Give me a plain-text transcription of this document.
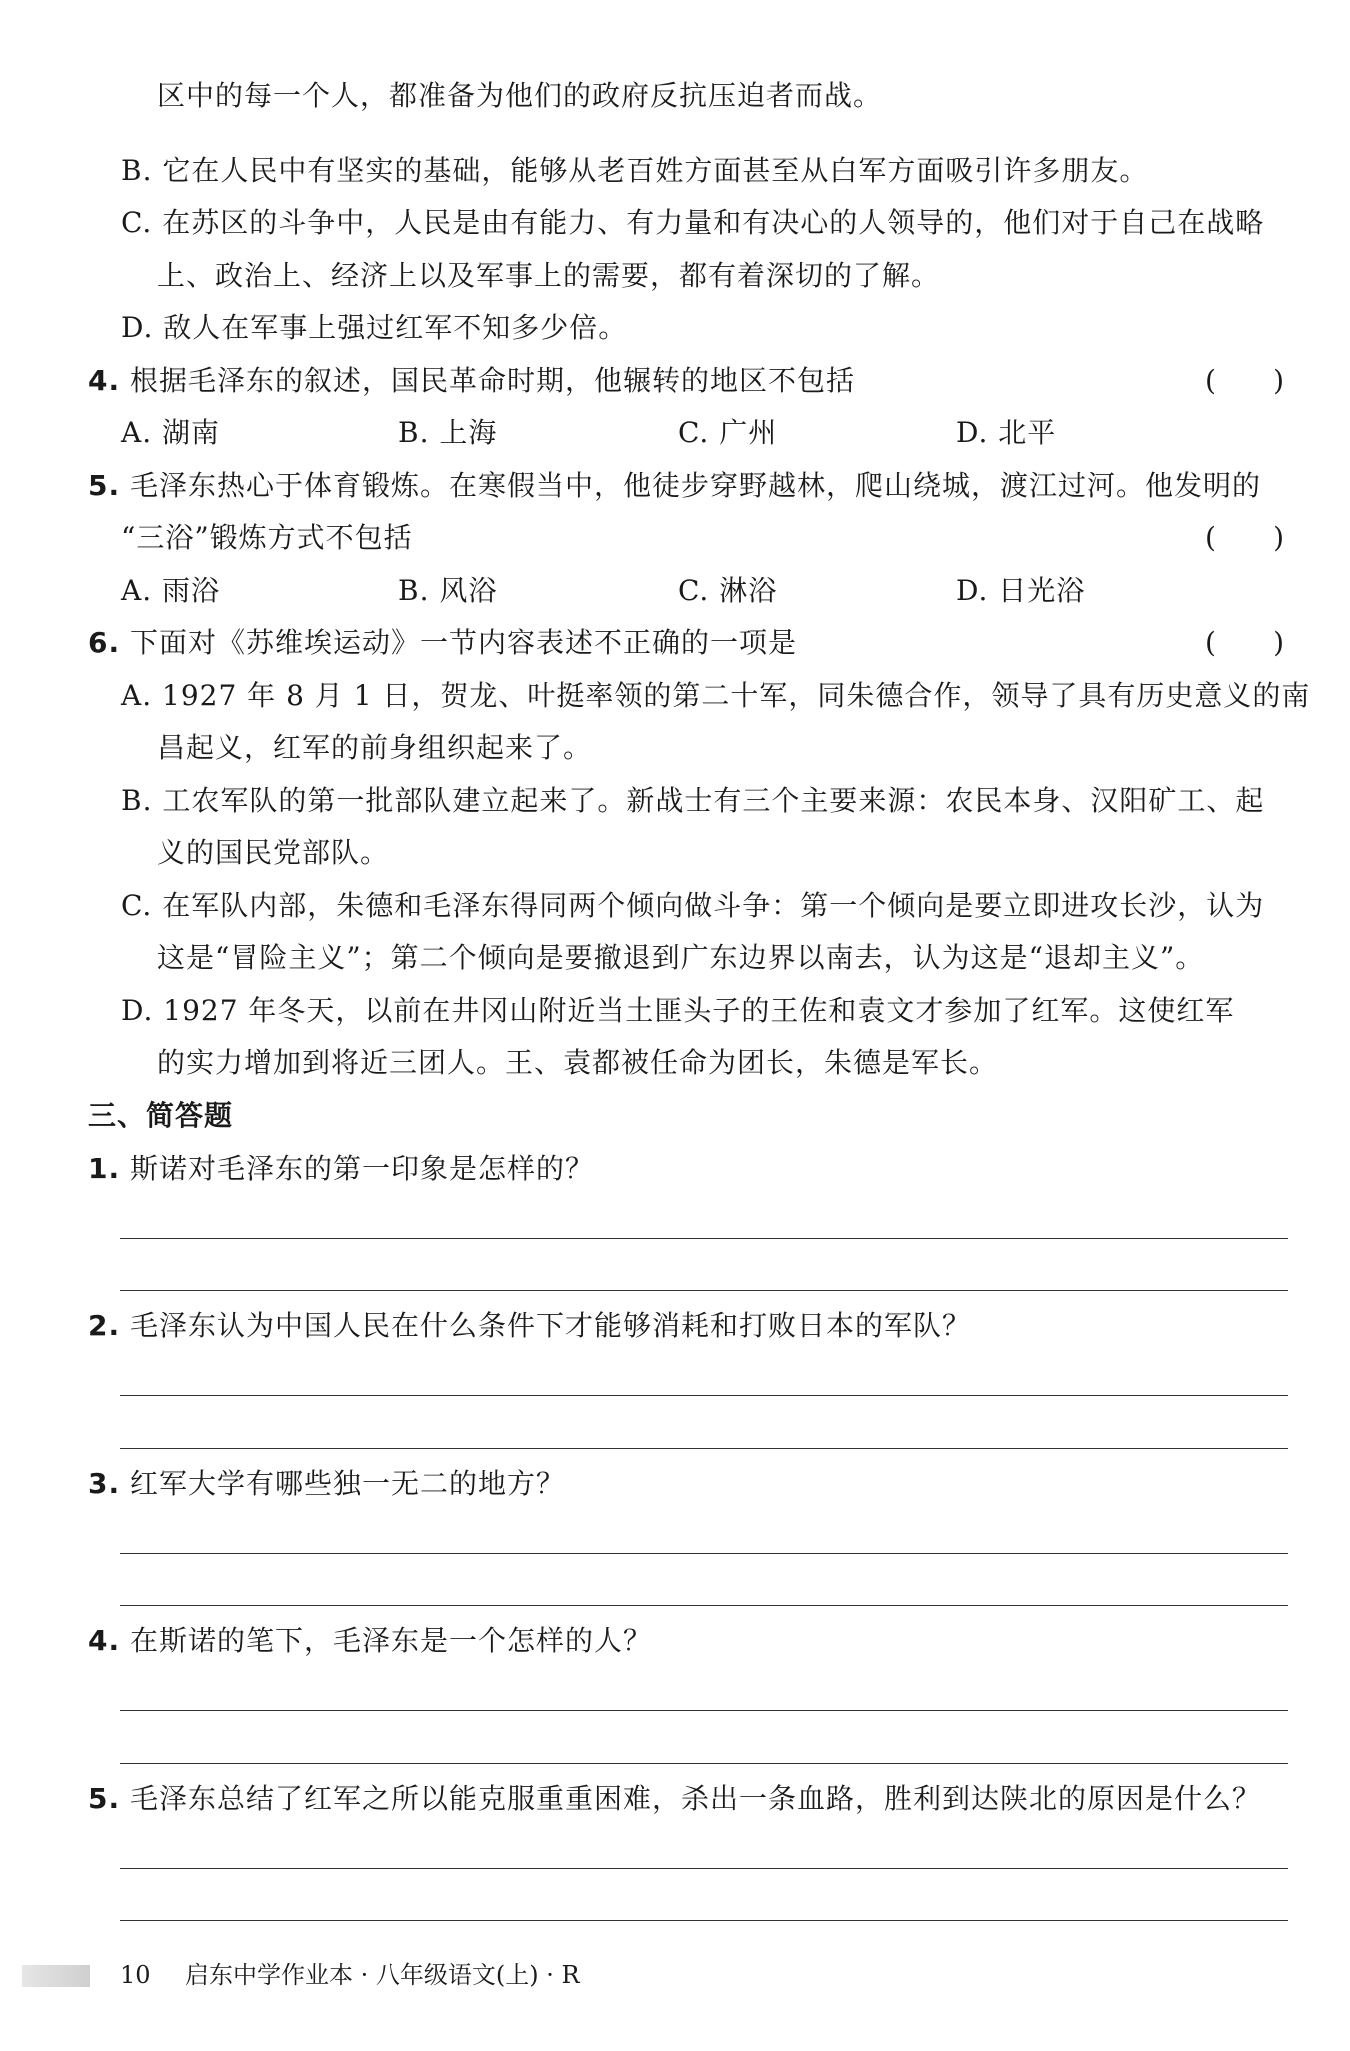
区中的每一个人，都准备为他们的政府反抗压迫者而战。
B. 它在人民中有坚实的基础，能够从老百姓方面甚至从白军方面吸引许多朋友。
C. 在苏区的斗争中，人民是由有能力、有力量和有决心的人领导的，他们对于自己在战略
上、政治上、经济上以及军事上的需要，都有着深切的了解。
D. 敌人在军事上强过红军不知多少倍。
4. 根据毛泽东的叙述，国民革命时期，他辗转的地区不包括	( )
A. 湖南	B. 上海	C. 广州	D. 北平
5. 毛泽东热心于体育锻炼。在寒假当中，他徒步穿野越林，爬山绕城，渡江过河。他发明的
“三浴”锻炼方式不包括	( )
A. 雨浴	B. 风浴	C. 淋浴	D. 日光浴
6. 下面对《苏维埃运动》一节内容表述不正确的一项是	( )
A. 1927 年 8 月 1 日，贺龙、叶挺率领的第二十军，同朱德合作，领导了具有历史意义的南
昌起义，红军的前身组织起来了。
B. 工农军队的第一批部队建立起来了。新战士有三个主要来源：农民本身、汉阳矿工、起
义的国民党部队。
C. 在军队内部，朱德和毛泽东得同两个倾向做斗争：第一个倾向是要立即进攻长沙，认为
这是“冒险主义”；第二个倾向是要撤退到广东边界以南去，认为这是“退却主义”。
D. 1927 年冬天，以前在井冈山附近当土匪头子的王佐和袁文才参加了红军。这使红军
的实力增加到将近三团人。王、袁都被任命为团长，朱德是军长。
三、简答题
1. 斯诺对毛泽东的第一印象是怎样的？
2. 毛泽东认为中国人民在什么条件下才能够消耗和打败日本的军队？
3. 红军大学有哪些独一无二的地方？
4. 在斯诺的笔下，毛泽东是一个怎样的人？
5. 毛泽东总结了红军之所以能克服重重困难，杀出一条血路，胜利到达陕北的原因是什么？
10 启东中学作业本 · 八年级语文(上) · R
